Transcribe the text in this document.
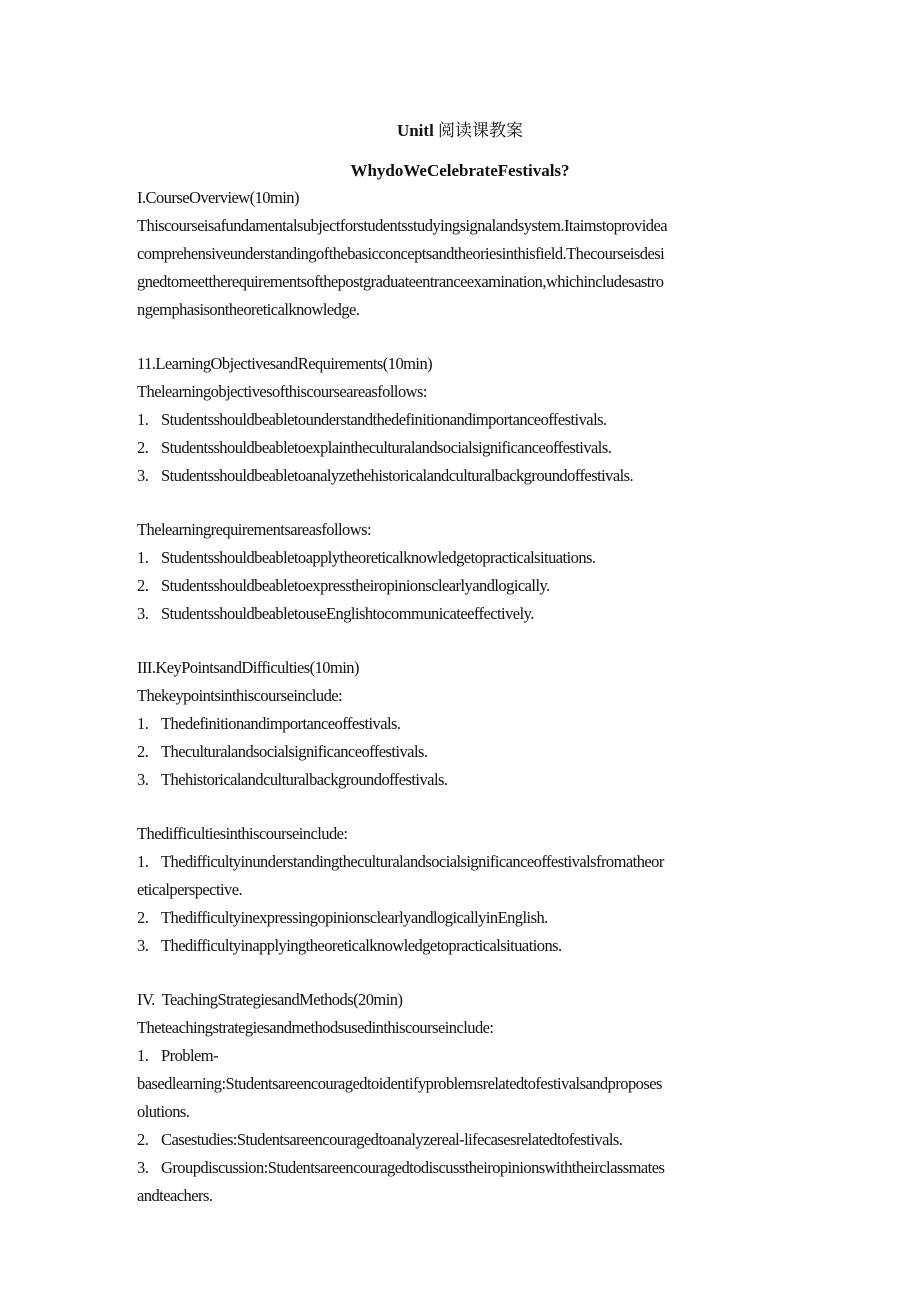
Unitl 阅读课教案
WhydoWeCelebrateFestivals?
I.CourseOverview(10min)
Thiscourseisafundamentalsubjectforstudentsstudyingsignalandsystem.Itaimstoprovidea
comprehensiveunderstandingofthebasicconceptsandtheoriesinthisfield.Thecourseisdesi
gnedtomeettherequirementsofthepostgraduateentranceexamination,whichincludesastro
ngemphasisontheoreticalknowledge.
11.LearningObjectivesandRequirements(10min)
Thelearningobjectivesofthiscourseareasfollows:
1. Studentsshouldbeabletounderstandthedefinitionandimportanceoffestivals.
2. Studentsshouldbeabletoexplaintheculturalandsocialsignificanceoffestivals.
3. Studentsshouldbeabletoanalyzethehistoricalandculturalbackgroundoffestivals.
Thelearningrequirementsareasfollows:
1. Studentsshouldbeabletoapplytheoreticalknowledgetopracticalsituations.
2. Studentsshouldbeabletoexpresstheiropinionsclearlyandlogically.
3. StudentsshouldbeabletouseEnglishtocommunicateeffectively.
III.KeyPointsandDifficulties(10min)
Thekeypointsinthiscourseinclude:
1. Thedefinitionandimportanceoffestivals.
2. Theculturalandsocialsignificanceoffestivals.
3. Thehistoricalandculturalbackgroundoffestivals.
Thedifficultiesinthiscourseinclude:
1. Thedifficultyinunderstandingtheculturalandsocialsignificanceoffestivalsfromatheor
eticalperspective.
2. ThedifficultyinexpressingopinionsclearlyandlogicallyinEnglish.
3. Thedifficultyinapplyingtheoreticalknowledgetopracticalsituations.
IV.  TeachingStrategiesandMethods(20min)
Theteachingstrategiesandmethodsusedinthiscourseinclude:
1. Problem-
basedlearning:Studentsareencouragedtoidentifyproblemsrelatedtofestivalsandproposes
olutions.
2. Casestudies:Studentsareencouragedtoanalyzereal-lifecasesrelatedtofestivals.
3. Groupdiscussion:Studentsareencouragedtodiscusstheiropinionswiththeirclassmates
andteachers.
